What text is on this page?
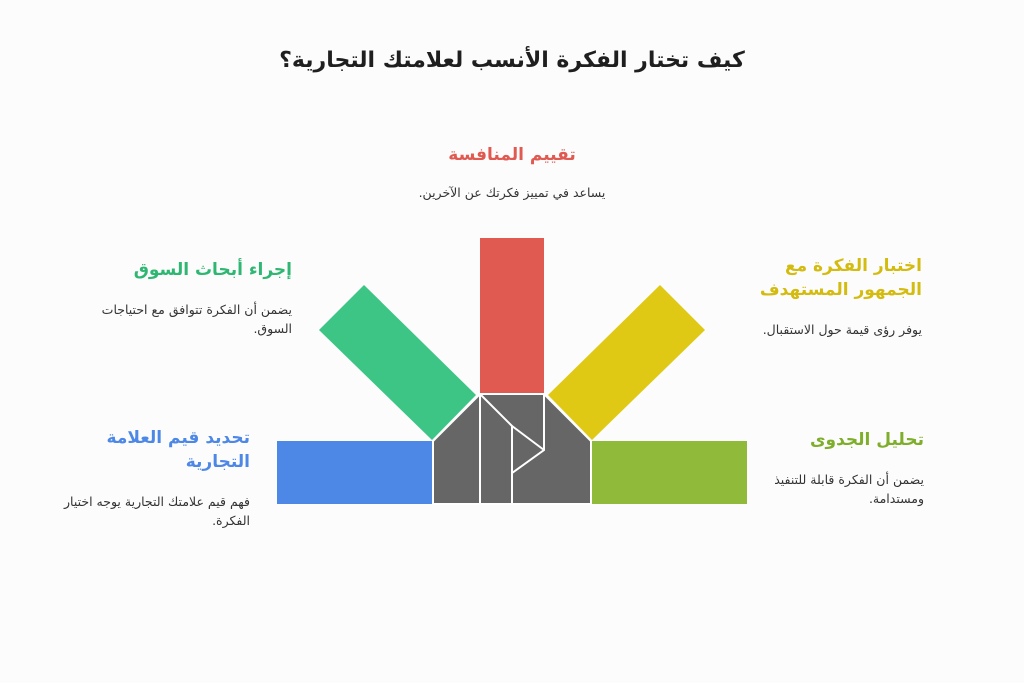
كيف تختار الفكرة الأنسب لعلامتك التجارية؟
تقييم المنافسة
يساعد في تمييز فكرتك عن الآخرين.
اختبار الفكرة مع الجمهور المستهدف
يوفر رؤى قيمة حول الاستقبال.
إجراء أبحاث السوق
يضمن أن الفكرة تتوافق مع احتياجات السوق.
تحديد قيم العلامة التجارية
فهم قيم علامتك التجارية يوجه اختيار الفكرة.
تحليل الجدوى
يضمن أن الفكرة قابلة للتنفيذ ومستدامة.
